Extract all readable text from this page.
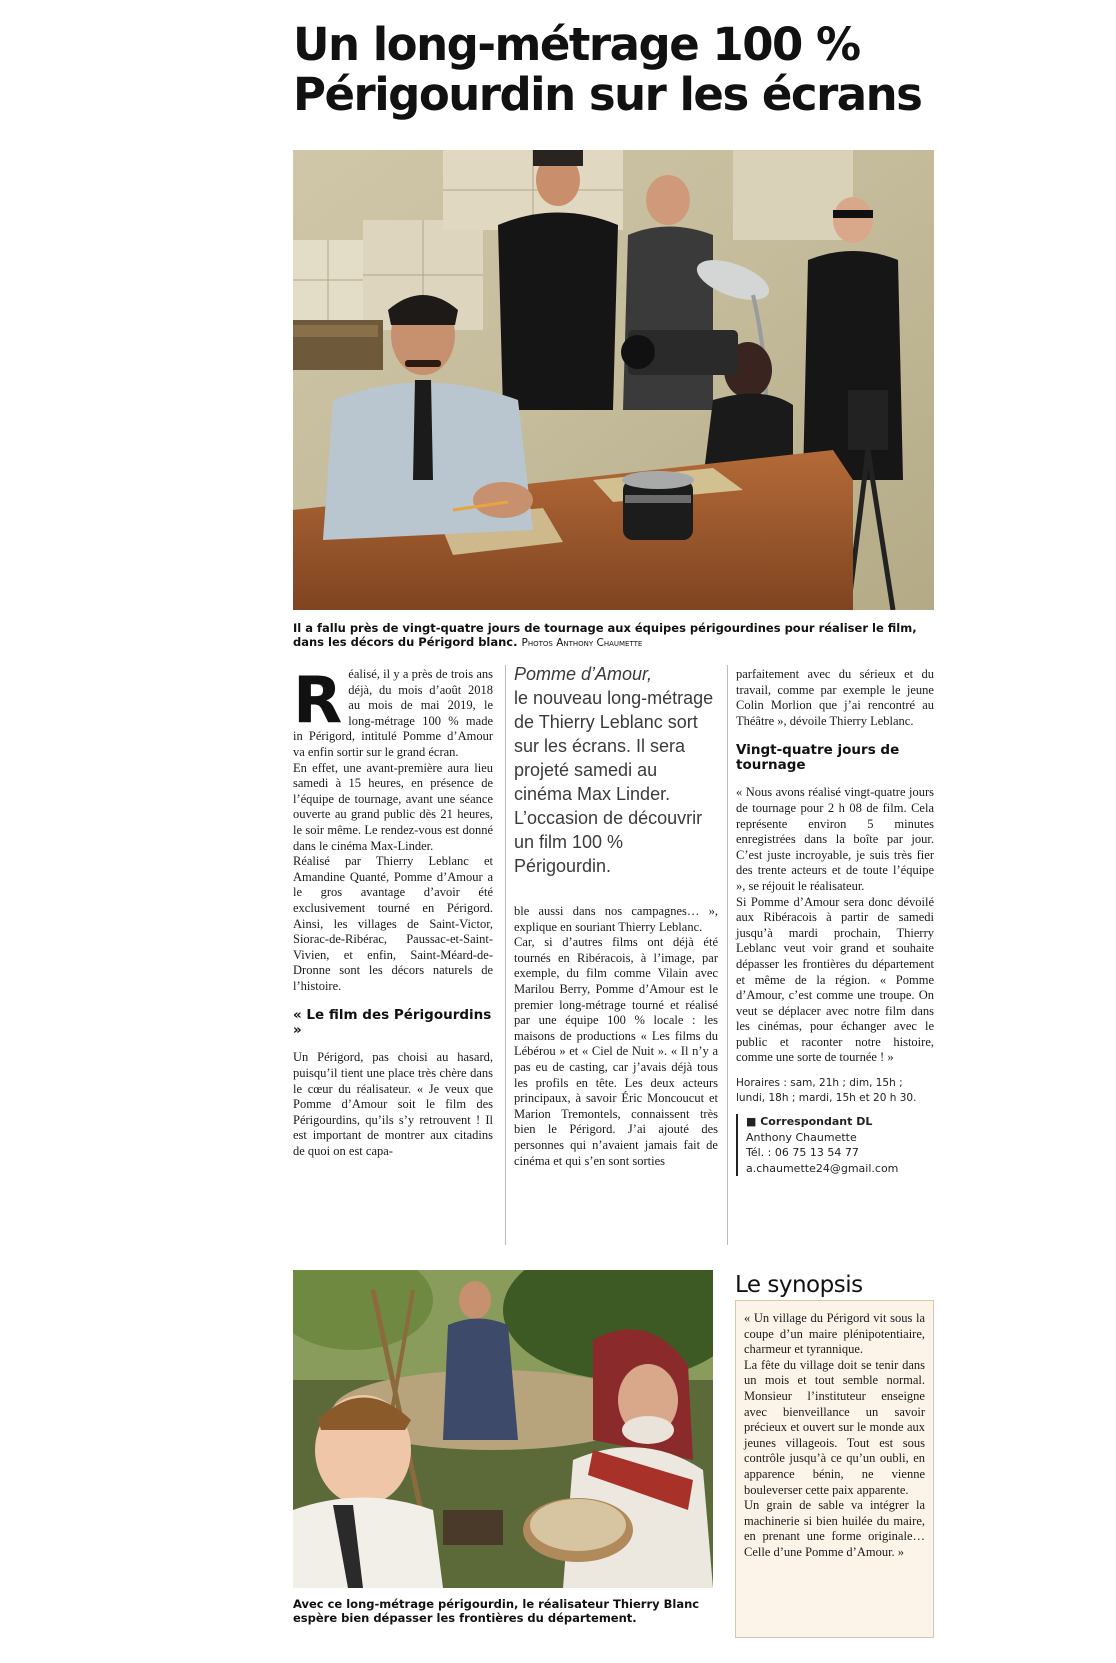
Un long-métrage 100 %
Périgourdin sur les écrans
Il a fallu près de vingt-quatre jours de tournage aux équipes périgourdines pour réaliser le film, dans les décors du Périgord blanc. Photos Anthony Chaumette

Réalisé, il y a près de trois ans déjà, du mois d’août 2018 au mois de mai 2019, le long-métrage 100 % made in Périgord, intitulé Pomme d’Amour va enfin sortir sur le grand écran.

En effet, une avant-première aura lieu samedi à 15 heures, en présence de l’équipe de tournage, avant une séance ouverte au grand public dès 21 heures, le soir même. Le rendez-vous est donné dans le cinéma Max-Linder.

Réalisé par Thierry Leblanc et Amandine Quanté, Pomme d’Amour a le gros avantage d’avoir été exclusivement tourné en Périgord. Ainsi, les villages de Saint-Victor, Siorac-de-Ribérac, Paussac-et-Saint-Vivien, et enfin, Saint-Méard-de-Dronne sont les décors naturels de l’histoire.

« Le film des Périgourdins »

Un Périgord, pas choisi au hasard, puisqu’il tient une place très chère dans le cœur du réalisateur. « Je veux que Pomme d’Amour soit le film des Périgourdins, qu’ils s’y retrouvent ! Il est important de montrer aux citadins de quoi on est capa-

Pomme d’Amour,
le nouveau long-métrage de Thierry Leblanc sort sur les écrans. Il sera projeté samedi au cinéma Max Linder. L’occasion de découvrir un film 100 % Périgourdin.

ble aussi dans nos campagnes… », explique en souriant Thierry Leblanc.

Car, si d’autres films ont déjà été tournés en Ribéracois, à l’image, par exemple, du film comme Vilain avec Marilou Berry, Pomme d’Amour est le premier long-métrage tourné et réalisé par une équipe 100 % locale : les maisons de productions « Les films du Lébérou » et « Ciel de Nuit ». « Il n’y a pas eu de casting, car j’avais déjà tous les profils en tête. Les deux acteurs principaux, à savoir Éric Moncoucut et Marion Tremontels, connaissent très bien le Périgord. J’ai ajouté des personnes qui n’avaient jamais fait de cinéma et qui s’en sont sorties

parfaitement avec du sérieux et du travail, comme par exemple le jeune Colin Morlion que j’ai rencontré au Théâtre », dévoile Thierry Leblanc.

Vingt-quatre jours de tournage

« Nous avons réalisé vingt-quatre jours de tournage pour 2 h 08 de film. Cela représente environ 5 minutes enregistrées dans la boîte par jour. C’est juste incroyable, je suis très fier des trente acteurs et de toute l’équipe », se réjouit le réalisateur.

Si Pomme d’Amour sera donc dévoilé aux Ribéracois à partir de samedi jusqu’à mardi prochain, Thierry Leblanc veut voir grand et souhaite dépasser les frontières du département et même de la région. « Pomme d’Amour, c’est comme une troupe. On veut se déplacer avec notre film dans les cinémas, pour échanger avec le public et raconter notre histoire, comme une sorte de tournée ! »

Horaires : sam, 21h ; dim, 15h ; lundi, 18h ; mardi, 15h et 20 h 30.
■ Correspondant DL
Anthony Chaumette
Tél. : 06 75 13 54 77
a.chaumette24@gmail.com
Avec ce long-métrage périgourdin, le réalisateur Thierry Blanc espère bien dépasser les frontières du département.
Le synopsis

« Un village du Périgord vit sous la coupe d’un maire plénipotentiaire, charmeur et tyrannique.

La fête du village doit se tenir dans un mois et tout semble normal. Monsieur l’instituteur enseigne avec bienveillance un savoir précieux et ouvert sur le monde aux jeunes villageois. Tout est sous contrôle jusqu’à ce qu’un oubli, en apparence bénin, ne vienne bouleverser cette paix apparente.

Un grain de sable va intégrer la machinerie si bien huilée du maire, en prenant une forme originale… Celle d’une Pomme d’Amour. »
